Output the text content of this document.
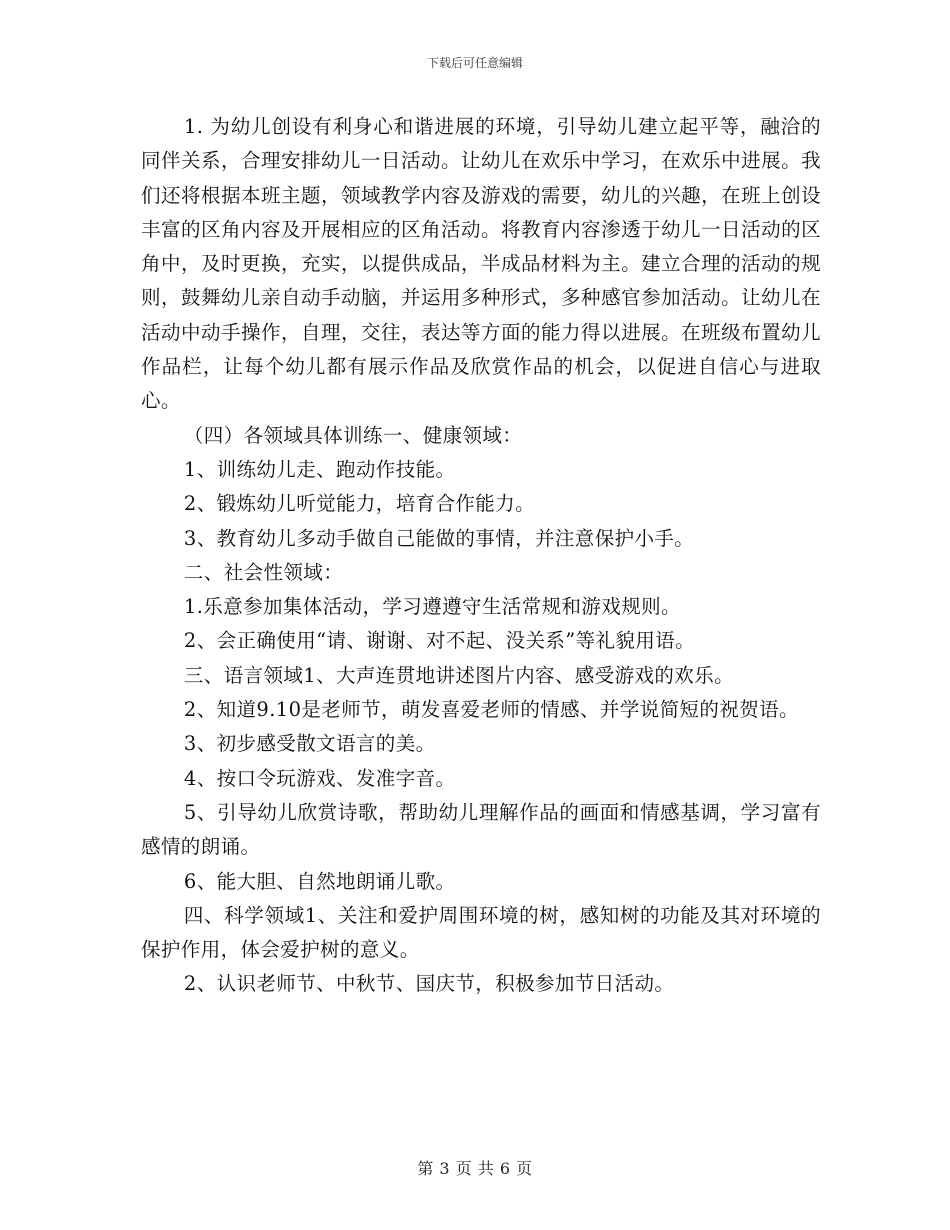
下载后可任意编辑

1. 为幼儿创设有利身心和谐进展的环境，引导幼儿建立起平等，融洽的同伴关系，合理安排幼儿一日活动。让幼儿在欢乐中学习，在欢乐中进展。我们还将根据本班主题，领域教学内容及游戏的需要，幼儿的兴趣，在班上创设丰富的区角内容及开展相应的区角活动。将教育内容渗透于幼儿一日活动的区角中，及时更换，充实，以提供成品，半成品材料为主。建立合理的活动的规则，鼓舞幼儿亲自动手动脑，并运用多种形式，多种感官参加活动。让幼儿在活动中动手操作，自理，交往，表达等方面的能力得以进展。在班级布置幼儿作品栏，让每个幼儿都有展示作品及欣赏作品的机会，以促进自信心与进取心。

（四）各领域具体训练一、健康领域：

1、训练幼儿走、跑动作技能。

2、锻炼幼儿听觉能力，培育合作能力。

3、教育幼儿多动手做自己能做的事情，并注意保护小手。

二、社会性领域：

1.乐意参加集体活动，学习遵遵守生活常规和游戏规则。

2、会正确使用“请、谢谢、对不起、没关系”等礼貌用语。

三、语言领域1、大声连贯地讲述图片内容、感受游戏的欢乐。

2、知道9.10是老师节，萌发喜爱老师的情感、并学说简短的祝贺语。

3、初步感受散文语言的美。

4、按口令玩游戏、发准字音。

5、引导幼儿欣赏诗歌，帮助幼儿理解作品的画面和情感基调，学习富有感情的朗诵。

6、能大胆、自然地朗诵儿歌。

四、科学领域1、关注和爱护周围环境的树，感知树的功能及其对环境的保护作用，体会爱护树的意义。

2、认识老师节、中秋节、国庆节，积极参加节日活动。

第 3 页 共 6 页
